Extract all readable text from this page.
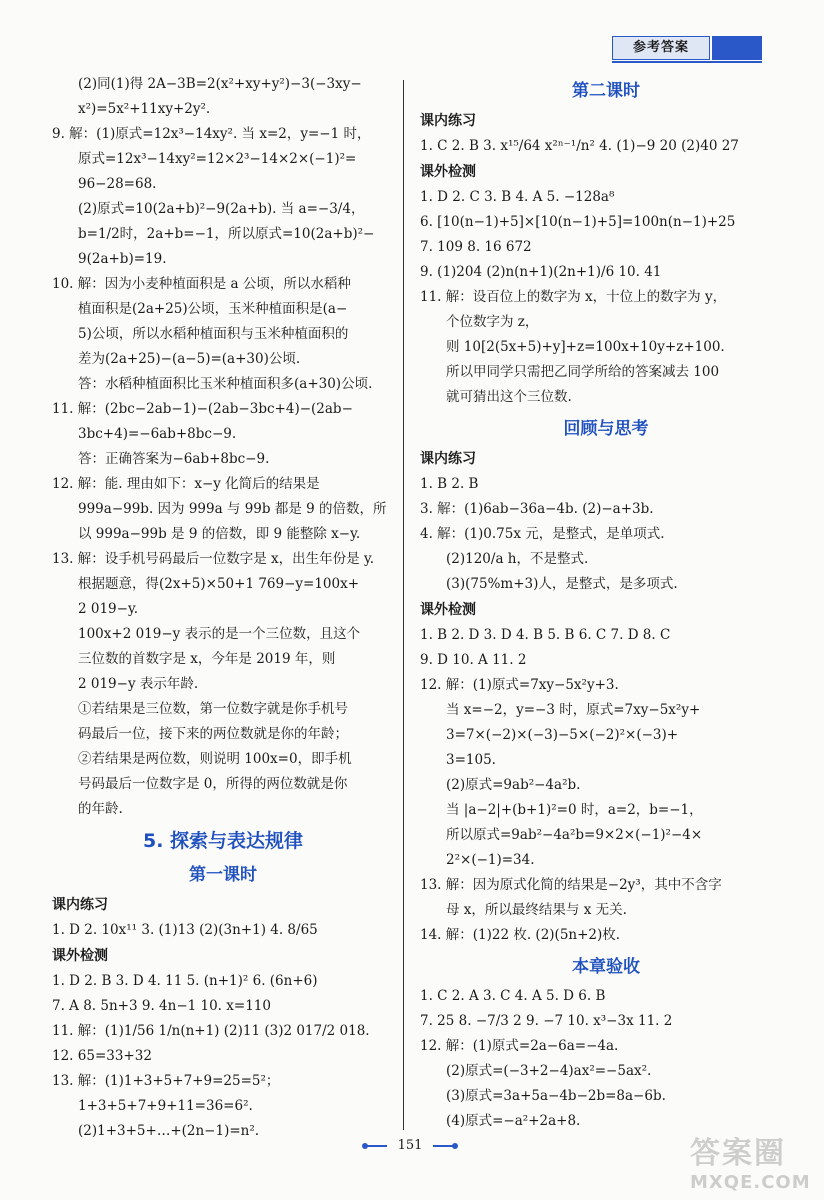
参考答案
(2)同(1)得 2A−3B=2(x²+xy+y²)−3(−3xy−
x²)=5x²+11xy+2y².
9. 解：(1)原式=12x³−14xy². 当 x=2，y=−1 时，
原式=12x³−14xy²=12×2³−14×2×(−1)²=
96−28=68.
(2)原式=10(2a+b)²−9(2a+b). 当 a=−3/4，
b=1/2时，2a+b=−1，所以原式=10(2a+b)²−
9(2a+b)=19.
10. 解：因为小麦种植面积是 a 公顷，所以水稻种
植面积是(2a+25)公顷，玉米种植面积是(a−
5)公顷，所以水稻种植面积与玉米种植面积的
差为(2a+25)−(a−5)=(a+30)公顷.
答：水稻种植面积比玉米种植面积多(a+30)公顷.
11. 解：(2bc−2ab−1)−(2ab−3bc+4)−(2ab−
3bc+4)=−6ab+8bc−9.
答：正确答案为−6ab+8bc−9.
12. 解：能. 理由如下：x−y 化简后的结果是
999a−99b. 因为 999a 与 99b 都是 9 的倍数，所
以 999a−99b 是 9 的倍数，即 9 能整除 x−y.
13. 解：设手机号码最后一位数字是 x，出生年份是 y.
根据题意，得(2x+5)×50+1 769−y=100x+
2 019−y.
100x+2 019−y 表示的是一个三位数，且这个
三位数的首数字是 x，今年是 2019 年，则
2 019−y 表示年龄.
①若结果是三位数，第一位数字就是你手机号
码最后一位，接下来的两位数就是你的年龄；
②若结果是两位数，则说明 100x=0，即手机
号码最后一位数字是 0，所得的两位数就是你
的年龄.
5. 探索与表达规律
第一课时
课内练习
1. D 2. 10x¹¹ 3. (1)13 (2)(3n+1) 4. 8/65
课外检测
1. D 2. B 3. D 4. 11 5. (n+1)² 6. (6n+6)
7. A 8. 5n+3 9. 4n−1 10. x=110
11. 解：(1)1/56 1/n(n+1) (2)11 (3)2 017/2 018.
12. 65=33+32
13. 解：(1)1+3+5+7+9=25=5²；
1+3+5+7+9+11=36=6².
(2)1+3+5+…+(2n−1)=n².
第二课时
课内练习
1. C 2. B 3. x¹⁵/64 x²ⁿ⁻¹/n² 4. (1)−9 20 (2)40 27
课外检测
1. D 2. C 3. B 4. A 5. −128a⁸
6. [10(n−1)+5]×[10(n−1)+5]=100n(n−1)+25
7. 109 8. 16 672
9. (1)204 (2)n(n+1)(2n+1)/6 10. 41
11. 解：设百位上的数字为 x，十位上的数字为 y，
个位数字为 z，
则 10[2(5x+5)+y]+z=100x+10y+z+100.
所以甲同学只需把乙同学所给的答案减去 100
就可猜出这个三位数.
回顾与思考
课内练习
1. B 2. B
3. 解：(1)6ab−36a−4b. (2)−a+3b.
4. 解：(1)0.75x 元，是整式，是单项式.
(2)120/a h，不是整式.
(3)(75%m+3)人，是整式，是多项式.
课外检测
1. B 2. D 3. D 4. B 5. B 6. C 7. D 8. C
9. D 10. A 11. 2
12. 解：(1)原式=7xy−5x²y+3.
当 x=−2，y=−3 时，原式=7xy−5x²y+
3=7×(−2)×(−3)−5×(−2)²×(−3)+
3=105.
(2)原式=9ab²−4a²b.
当 |a−2|+(b+1)²=0 时，a=2，b=−1，
所以原式=9ab²−4a²b=9×2×(−1)²−4×
2²×(−1)=34.
13. 解：因为原式化简的结果是−2y³，其中不含字
母 x，所以最终结果与 x 无关.
14. 解：(1)22 枚. (2)(5n+2)枚.
本章验收
1. C 2. A 3. C 4. A 5. D 6. B
7. 25 8. −7/3 2 9. −7 10. x³−3x 11. 2
12. 解：(1)原式=2a−6a=−4a.
(2)原式=(−3+2−4)ax²=−5ax².
(3)原式=3a+5a−4b−2b=8a−6b.
(4)原式=−a²+2a+8.
151	答案圈
MXQE.COM
